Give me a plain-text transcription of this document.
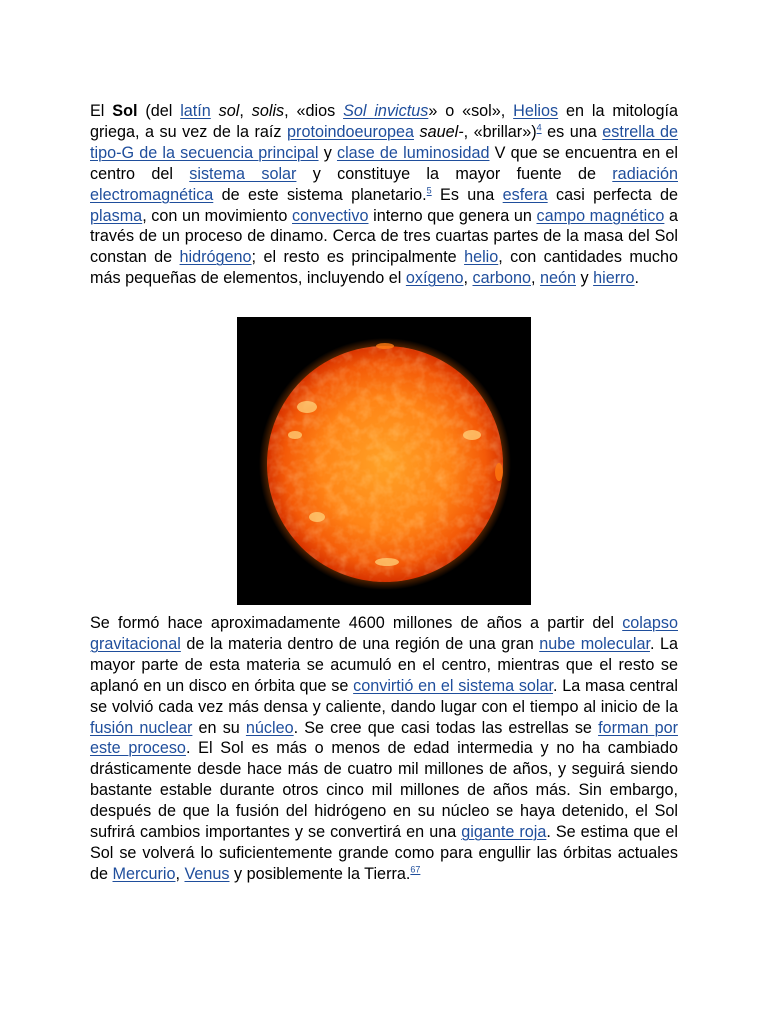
El Sol (del latín sol, solis, «dios Sol invictus» o «sol», Helios en la mitología griega, a su vez de la raíz protoindoeuropea sauel-, «brillar»)$^4$ es una estrella de tipo-G de la secuencia principal y clase de luminosidad V que se encuentra en el centro del sistema solar y constituye la mayor fuente de radiación electromagnética de este sistema planetario.$^5$ Es una esfera casi perfecta de plasma, con un movimiento convectivo interno que genera un campo magnético a través de un proceso de dinamo. Cerca de tres cuartas partes de la masa del Sol constan de hidrógeno; el resto es principalmente helio, con cantidades mucho más pequeñas de elementos, incluyendo el oxígeno, carbono, neón y hierro.

Se formó hace aproximadamente 4600 millones de años a partir del colapso gravitacional de la materia dentro de una región de una gran nube molecular. La mayor parte de esta materia se acumuló en el centro, mientras que el resto se aplanó en un disco en órbita que se convirtió en el sistema solar. La masa central se volvió cada vez más densa y caliente, dando lugar con el tiempo al inicio de la fusión nuclear en su núcleo. Se cree que casi todas las estrellas se forman por este proceso. El Sol es más o menos de edad intermedia y no ha cambiado drásticamente desde hace más de cuatro mil millones de años, y seguirá siendo bastante estable durante otros cinco mil millones de años más. Sin embargo, después de que la fusión del hidrógeno en su núcleo se haya detenido, el Sol sufrirá cambios importantes y se convertirá en una gigante roja. Se estima que el Sol se volverá lo suficientemente grande como para engullir las órbitas actuales de Mercurio, Venus y posiblemente la Tierra.$^{67}$
